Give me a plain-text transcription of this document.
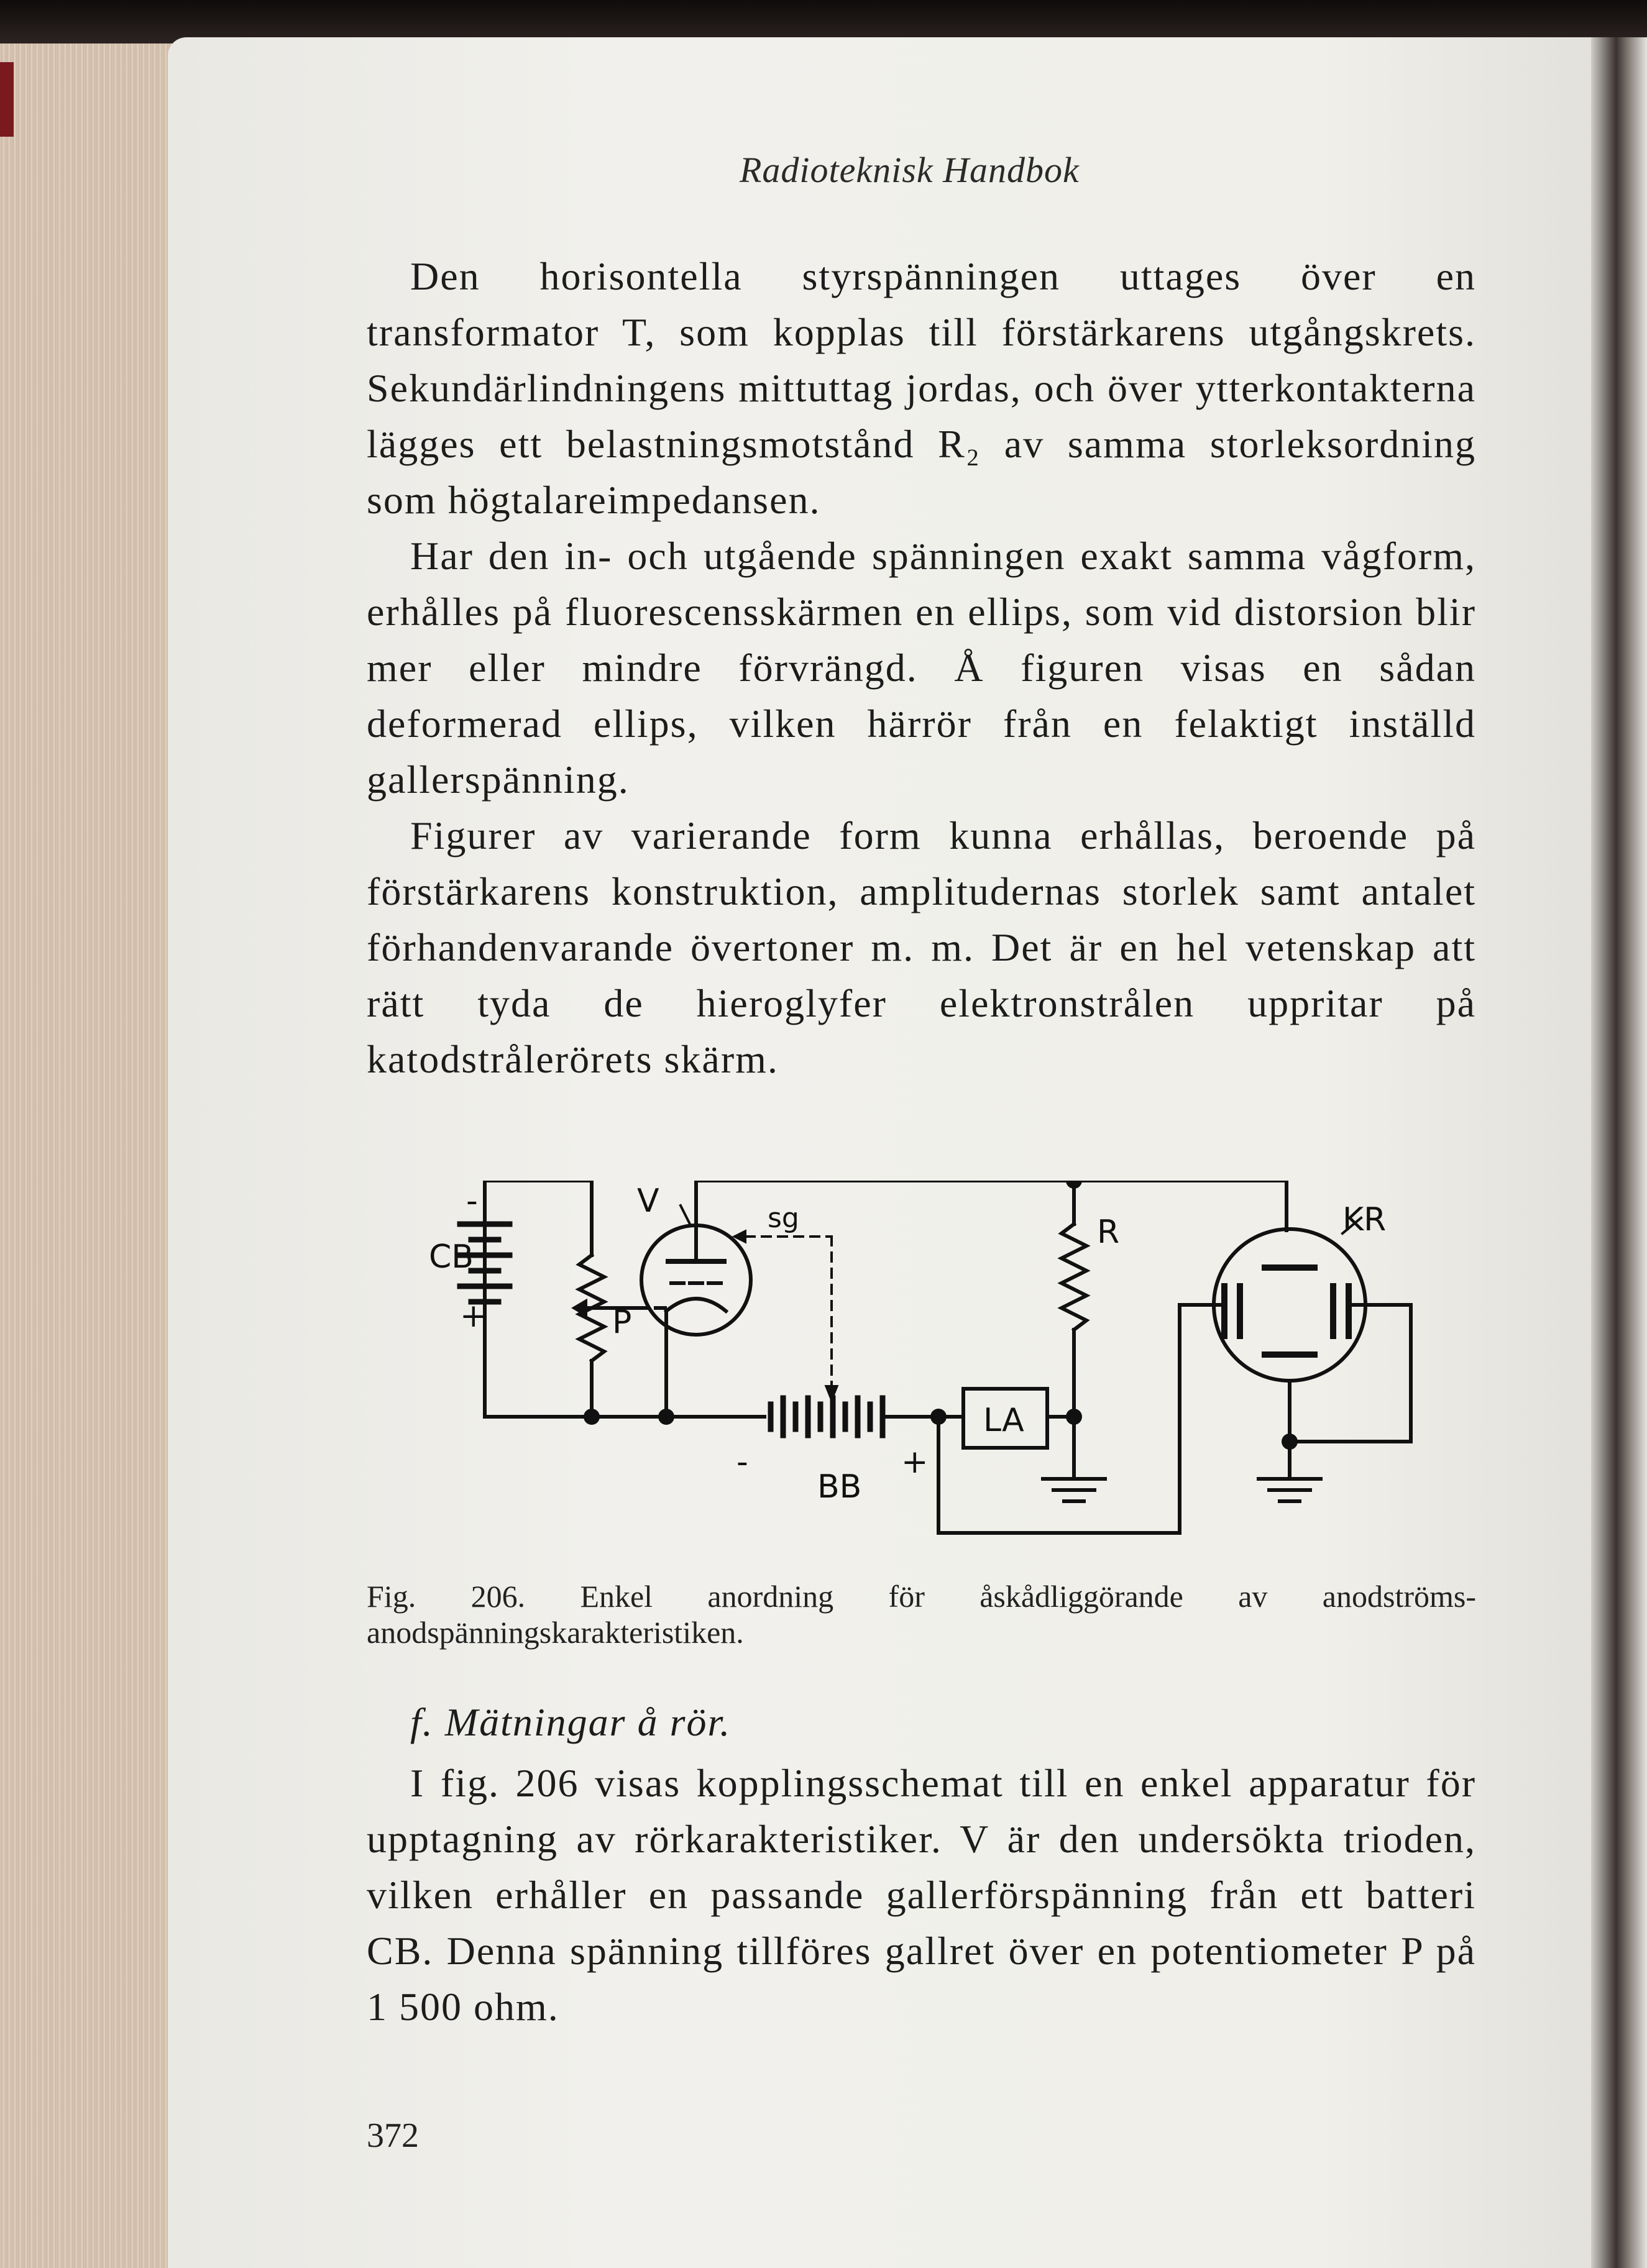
Radioteknisk Handbok

Den horisontella styrspänningen uttages över en transformator T, som kopplas till förstärkarens utgångskrets. Sekundärlindningens mittuttag jordas, och över ytterkontakterna lägges ett belastningsmotstånd R₂ av samma storleksordning som högtalareimpedansen.

Har den in- och utgående spänningen exakt samma vågform, erhålles på fluorescensskärmen en ellips, som vid distorsion blir mer eller mindre förvrängd. Å figuren visas en sådan deformerad ellips, vilken härrör från en felaktigt inställd gallerspänning.

Figurer av varierande form kunna erhållas, beroende på förstärkarens konstruktion, amplitudernas storlek samt antalet förhandenvarande övertoner m. m. Det är en hel vetenskap att rätt tyda de hieroglyfer elektronstrålen uppritar på katodstrålerörets skärm.

-
CB
+
V
P
sg	R	KR
LA
-
BB
+
Fig. 206. Enkel anordning för åskådliggörande av anodströms-anodspänningskarakteristiken.
f. Mätningar å rör.

I fig. 206 visas kopplingsschemat till en enkel apparatur för upptagning av rörkarakteristiker. V är den undersökta trioden, vilken erhåller en passande gallerförspänning från ett batteri CB. Denna spänning tillföres gallret över en potentiometer P på 1 500 ohm.

372
